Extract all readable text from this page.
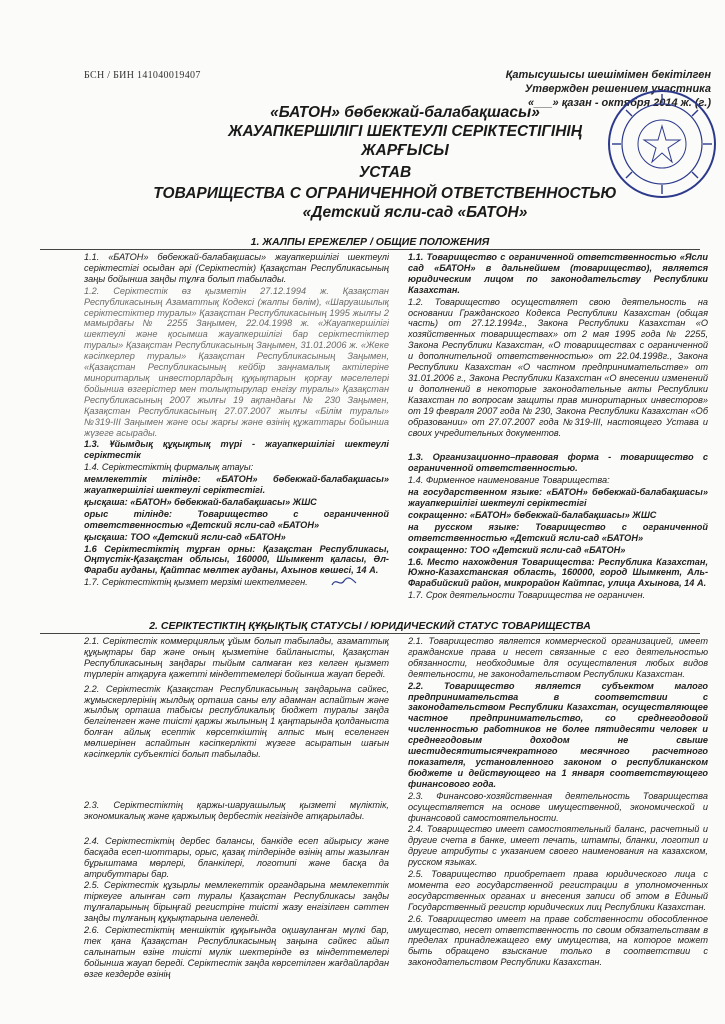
БСН / БИН 141040019407	Қатысушысы шешімімен бекітілген
Утвержден решением участника
«___» қазан - октября 2014 ж. (г.)
«БАТОН» бөбекжай-балабақшасы»
ЖАУАПКЕРШІЛІГІ ШЕКТЕУЛІ СЕРІКТЕСТІГІНІҢ
ЖАРҒЫСЫ
УСТАВ
ТОВАРИЩЕСТВА С ОГРАНИЧЕННОЙ ОТВЕТСТВЕННОСТЬЮ
«Детский ясли-сад «БАТОН»
1. ЖАЛПЫ ЕРЕЖЕЛЕР / ОБЩИЕ ПОЛОЖЕНИЯ

1.1. «БАТОН» бөбекжай-балабақшасы» жауапкершілігі шектеулі серіктестігі осыдан әрі (Серіктестік) Қазақстан Республикасының заңы бойынша заңды тұлға болып табылады.

1.2. Серіктестік өз қызметін 27.12.1994 ж. Қазақстан Республикасының Азаматтық Кодексі (жалпы бөлім), «Шаруашылық серіктестіктер туралы» Қазақстан Республикасының 1995 жылғы 2 мамырдағы № 2255 Заңымен, 22.04.1998 ж. «Жауапкершілігі шектеулі және қосымша жауапкершілігі бар серіктестіктер туралы» Қазақстан Республикасының Заңымен, 31.01.2006 ж. «Жеке кәсіпкерлер туралы» Қазақстан Республикасының Заңымен, «Қазақстан Республикасының кейбір заңнамалық актілеріне миноритарлық инвесторлардың құқықтарын қорғау мәселелері бойынша өзгерістер мен толықтырулар енгізу туралы» Қазақстан Республикасының 2007 жылғы 19 ақпандағы № 230 Заңымен, Қазақстан Республикасының 27.07.2007 жылғы «Білім туралы» №319-ІІІ Заңымен және осы жарғы және өзінің құжаттары бойынша жүзеге асырады.

1.3. Ұйымдық құқықтық түрі - жауапкершілігі шектеулі серіктестік

1.4. Серіктестіктің фирмалық атауы:

мемлекеттік тілінде: «БАТОН» бөбекжай-балабақшасы» жауапкершілігі шектеулі серіктестігі.

қысқаша: «БАТОН» бөбекжай-балабақшасы» ЖШС

орыс тілінде: Товарищество с ограниченной ответственностью «Детский ясли-сад «БАТОН»

қысқаша: ТОО «Детский ясли-сад «БАТОН»

1.6 Серіктестіктің тұрған орны: Қазақстан Республикасы, Оңтүстік-Қазақстан облысы, 160000, Шымкент қаласы, Әл-Фараби ауданы, Қайтпас мөлтек ауданы, Ахынов көшесі, 14 А.

1.7. Серіктестіктің қызмет мерзімі шектелмеген.

1.1. Товарищество с ограниченной ответственностью «Ясли сад «БАТОН» в дальнейшем (товарищество), является юридическим лицом по законодательству Республики Казахстан.

1.2. Товарищество осуществляет свою деятельность на основании Гражданского Кодекса Республики Казахстан (общая часть) от 27.12.1994г., Закона Республики Казахстан «О хозяйственных товариществах» от 2 мая 1995 года № 2255, Закона Республики Казахстан, «О товариществах с ограниченной и дополнительной ответственностью» от 22.04.1998г., Закона Республики Казахстан «О частном предпринимательстве» от 31.01.2006 г., Закона Республики Казахстан «О внесении изменений и дополнений в некоторые законодательные акты Республики Казахстан по вопросам защиты прав миноритарных инвесторов» от 19 февраля 2007 года № 230, Закона Республики Казахстан «Об образовании» от 27.07.2007 года №319-ІІІ, настоящего Устава и своих учредительных документов.

1.3. Организационно–правовая форма - товарищество с ограниченной ответственностью.

1.4. Фирменное наименование Товарищества:

на государственном языке: «БАТОН» бөбекжай-балабақшасы» жауапкершілігі шектеулі серіктестігі

сокращенно: «БАТОН» бөбекжай-балабақшасы» ЖШС

на русском языке: Товарищество с ограниченной ответственностью «Детский ясли-сад «БАТОН»

сокращенно: ТОО «Детский ясли-сад «БАТОН»

1.6. Место нахождения Товарищества: Республика Казахстан, Южно-Казахстанская область, 160000, город Шымкент, Аль-Фарабийский район, микрорайон Кайтпас, улица Ахынова, 14 А.

1.7. Срок деятельности Товарищества не ограничен.

2. СЕРІКТЕСТІКТІҢ ҚҰҚЫҚТЫҚ СТАТУСЫ / ЮРИДИЧЕСКИЙ СТАТУС ТОВАРИЩЕСТВА

2.1. Серіктестік коммерциялық ұйым болып табылады, азаматтық құқықтары бар және оның қызметіне байланысты, Қазақстан Республикасының заңдары тыйым салмаған кез келген қызмет түрлерін атқаруға қажетті міндеттемелері бойынша жауап береді.

2.2. Серіктестік Қазақстан Республикасының заңдарына сәйкес, жұмыскерлерінің жылдық орташа саны елу адамнан аспайтын және жылдық орташа табысы республикалық бюджет туралы заңда белгіленген және тиісті қаржы жылының 1 қаңтарында қолданыста болған айлық есептік көрсеткіштің алпыс мың еселенген мөлшерінен аспайтын кәсіпкерлікті жүзеге асыратын шағын кәсіпкерлік субъектісі болып табылады.

2.3. Серіктестіктің қаржы-шаруашылық қызметі мүліктік, экономикалық және қаржылық дербестік негізінде атқарылады.

2.4. Серіктестіктің дербес балансы, банкіде есеп айырысу және басқада есеп-шоттары, орыс, қазақ тілдерінде өзінің аты жазылған бұрыштама мөрлері, бланкілері, логотипі және басқа да атрибуттары бар.

2.5. Серіктестік құзырлы мемлекеттік органдарына мемлекеттік тіркеуге алынған сәт туралы Қазақстан Республикасы заңды тұлғаларының бірыңғай регистріне тиісті жазу енгізілген сәттен заңды тұлғаның құқықтарына иеленеді.

2.6. Серіктестіктің меншіктік құқығында оқшауланған мүлкі бар, тек қана Қазақстан Республикасының заңына сәйкес айып салынатын өзіне тиісті мүлік шектерінде өз міндеттемелері бойынша жауап береді. Серіктестік заңда көрсетілген жағдайлардан өзге кездерде өзінің

2.1. Товарищество является коммерческой организацией, имеет гражданские права и несет связанные с его деятельностью обязанности, необходимые для осуществления любых видов деятельности, не законодательством Республики Казахстан.

2.2. Товарищество является субъектом малого предпринимательства в соответствии с законодательством Республики Казахстан, осуществляющее частное предпринимательство, со среднегодовой численностью работников не более пятидесяти человек и среднегодовым доходом не свыше шестидесятитысячекратного месячного расчетного показателя, установленного законом о республиканском бюджете и действующего на 1 января соответствующего финансового года.

2.3. Финансово-хозяйственная деятельность Товарищества осуществляется на основе имущественной, экономической и финансовой самостоятельности.

2.4. Товарищество имеет самостоятельный баланс, расчетный и другие счета в банке, имеет печать, штампы, бланки, логотип и другие атрибуты с указанием своего наименования на казахском, русском языках.

2.5. Товарищество приобретает права юридического лица с момента его государственной регистрации в уполномоченных государственных органах и внесения записи об этом в Единый Государственный регистр юридических лиц Республики Казахстан.

2.6. Товарищество имеет на праве собственности обособленное имущество, несет ответственность по своим обязательствам в пределах принадлежащего ему имущества, на которое может быть обращено взыскание только в соответствии с законодательством Республики Казахстан.
